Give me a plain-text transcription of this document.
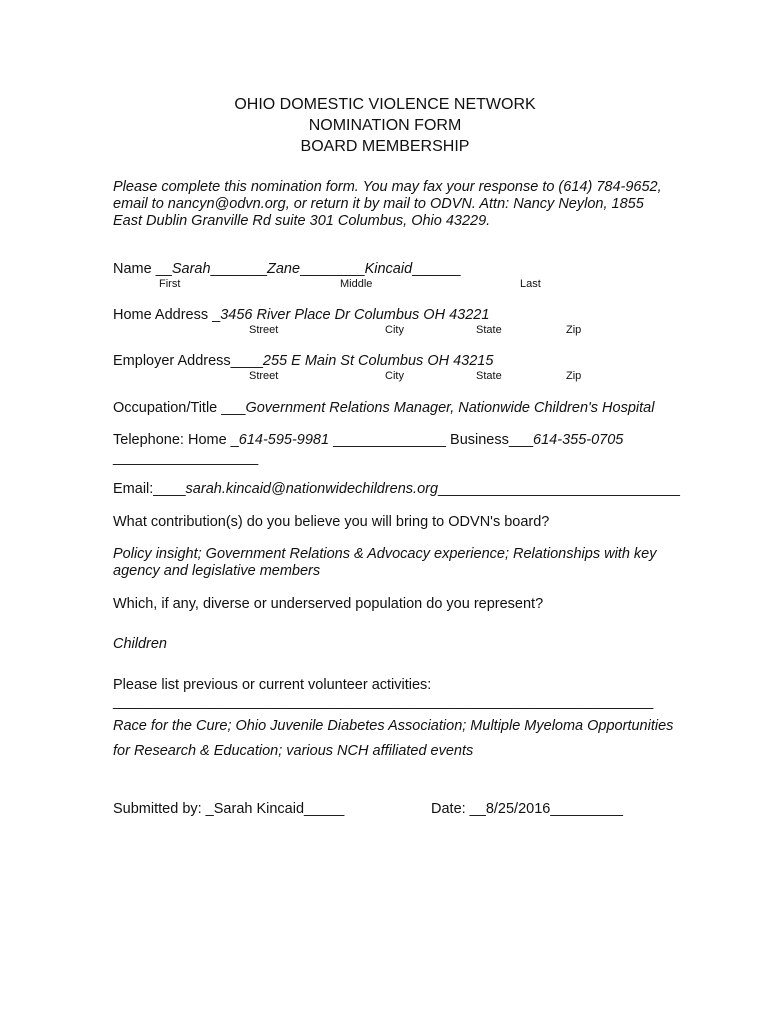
OHIO DOMESTIC VIOLENCE NETWORK
NOMINATION FORM
BOARD MEMBERSHIP
Please complete this nomination form. You may fax your response to (614) 784-9652,
email to nancyn@odvn.org, or return it by mail to ODVN. Attn: Nancy Neylon, 1855
East Dublin Granville Rd suite 301 Columbus, Ohio 43229.
Name __Sarah_______Zane________Kincaid______
First	Middle	Last
Home Address _3456 River Place Dr Columbus OH 43221
Street	City	State	Zip
Employer Address____255 E Main St Columbus OH 43215
Street	City	State	Zip
Occupation/Title ___Government Relations Manager, Nationwide Children's Hospital
Telephone: Home _614-595-9981 ______________ Business___614-355-0705
__________________
Email:____sarah.kincaid@nationwidechildrens.org______________________________
What contribution(s) do you believe you will bring to ODVN's board?
Policy insight; Government Relations & Advocacy experience; Relationships with key
agency and legislative members
Which, if any, diverse or underserved population do you represent?
Children
Please list previous or current volunteer activities:
___________________________________________________________________
Race for the Cure; Ohio Juvenile Diabetes Association; Multiple Myeloma Opportunities
for Research & Education; various NCH affiliated events
Submitted by: _Sarah Kincaid_____	Date: __8/25/2016_________
